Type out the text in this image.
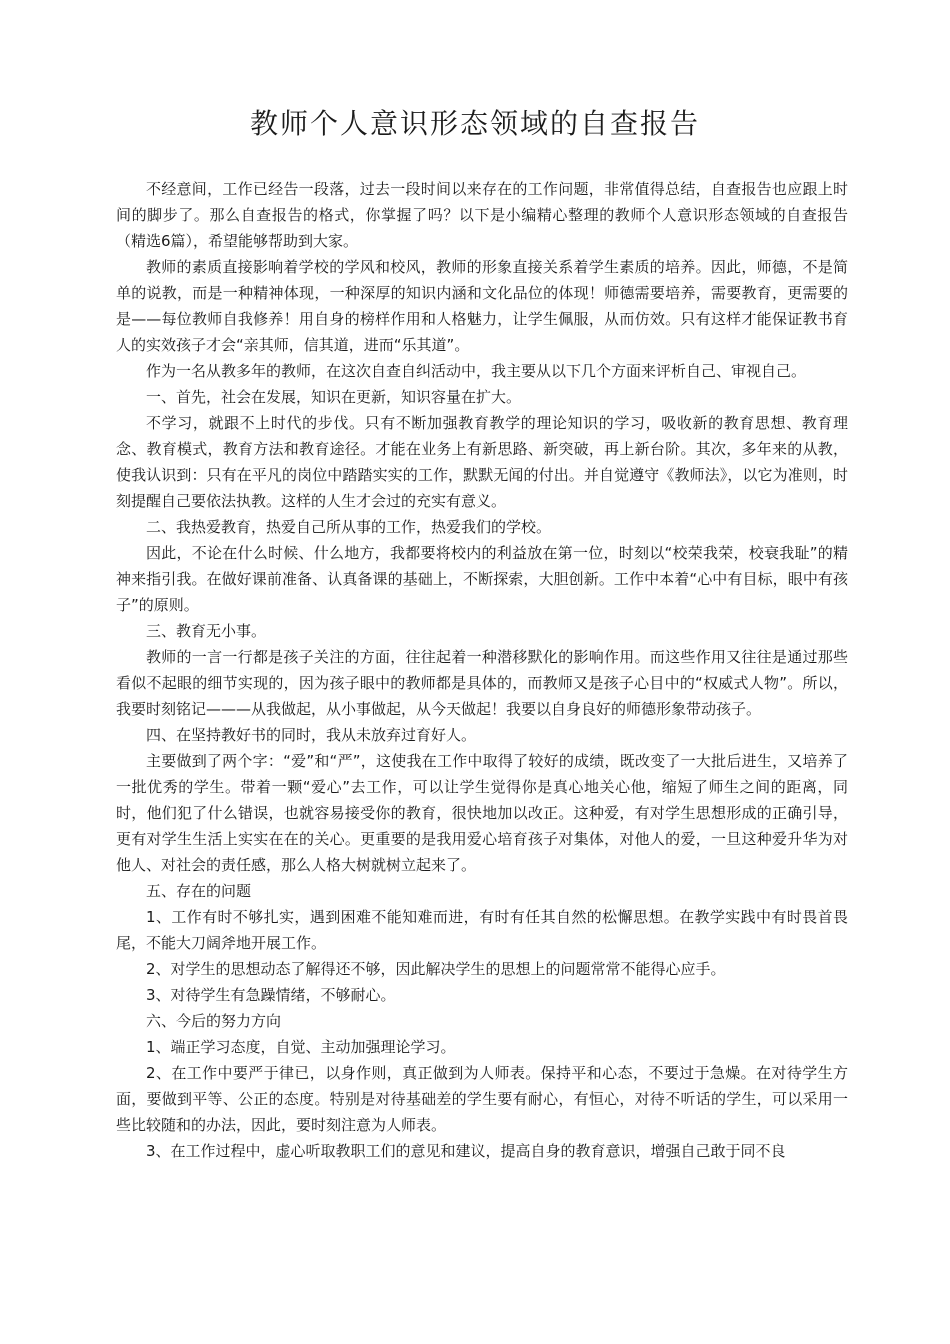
教师个人意识形态领域的自查报告

不经意间，工作已经告一段落，过去一段时间以来存在的工作问题，非常值得总结，自查报告也应跟上时间的脚步了。那么自查报告的格式，你掌握了吗？以下是小编精心整理的教师个人意识形态领域的自查报告（精选6篇），希望能够帮助到大家。

教师的素质直接影响着学校的学风和校风，教师的形象直接关系着学生素质的培养。因此，师德，不是简单的说教，而是一种精神体现，一种深厚的知识内涵和文化品位的体现！师德需要培养，需要教育，更需要的是——每位教师自我修养！用自身的榜样作用和人格魅力，让学生佩服，从而仿效。只有这样才能保证教书育人的实效孩子才会“亲其师，信其道，进而“乐其道”。

作为一名从教多年的教师，在这次自查自纠活动中，我主要从以下几个方面来评析自己、审视自己。

一、首先，社会在发展，知识在更新，知识容量在扩大。

不学习，就跟不上时代的步伐。只有不断加强教育教学的理论知识的学习，吸收新的教育思想、教育理念、教育模式，教育方法和教育途径。才能在业务上有新思路、新突破，再上新台阶。其次，多年来的从教，使我认识到：只有在平凡的岗位中踏踏实实的工作，默默无闻的付出。并自觉遵守《教师法》，以它为准则，时刻提醒自己要依法执教。这样的人生才会过的充实有意义。

二、我热爱教育，热爱自己所从事的工作，热爱我们的学校。

因此，不论在什么时候、什么地方，我都要将校内的利益放在第一位，时刻以“校荣我荣，校衰我耻”的精神来指引我。在做好课前准备、认真备课的基础上，不断探索，大胆创新。工作中本着“心中有目标，眼中有孩子”的原则。

三、教育无小事。

教师的一言一行都是孩子关注的方面，往往起着一种潜移默化的影响作用。而这些作用又往往是通过那些看似不起眼的细节实现的，因为孩子眼中的教师都是具体的，而教师又是孩子心目中的“权威式人物”。所以，我要时刻铭记———从我做起，从小事做起，从今天做起！我要以自身良好的师德形象带动孩子。

四、在坚持教好书的同时，我从未放弃过育好人。

主要做到了两个字：“爱”和“严”，这使我在工作中取得了较好的成绩，既改变了一大批后进生，又培养了一批优秀的学生。带着一颗“爱心”去工作，可以让学生觉得你是真心地关心他，缩短了师生之间的距离，同时，他们犯了什么错误，也就容易接受你的教育，很快地加以改正。这种爱，有对学生思想形成的正确引导，更有对学生生活上实实在在的关心。更重要的是我用爱心培育孩子对集体，对他人的爱，一旦这种爱升华为对他人、对社会的责任感，那么人格大树就树立起来了。

五、存在的问题

1、工作有时不够扎实，遇到困难不能知难而进，有时有任其自然的松懈思想。在教学实践中有时畏首畏尾，不能大刀阔斧地开展工作。

2、对学生的思想动态了解得还不够，因此解决学生的思想上的问题常常不能得心应手。

3、对待学生有急躁情绪，不够耐心。

六、今后的努力方向

1、端正学习态度，自觉、主动加强理论学习。

2、在工作中要严于律已，以身作则，真正做到为人师表。保持平和心态，不要过于急燥。在对待学生方面，要做到平等、公正的态度。特别是对待基础差的学生要有耐心，有恒心，对待不听话的学生，可以采用一些比较随和的办法，因此，要时刻注意为人师表。

3、在工作过程中，虚心听取教职工们的意见和建议，提高自身的教育意识，增强自己敢于同不良
